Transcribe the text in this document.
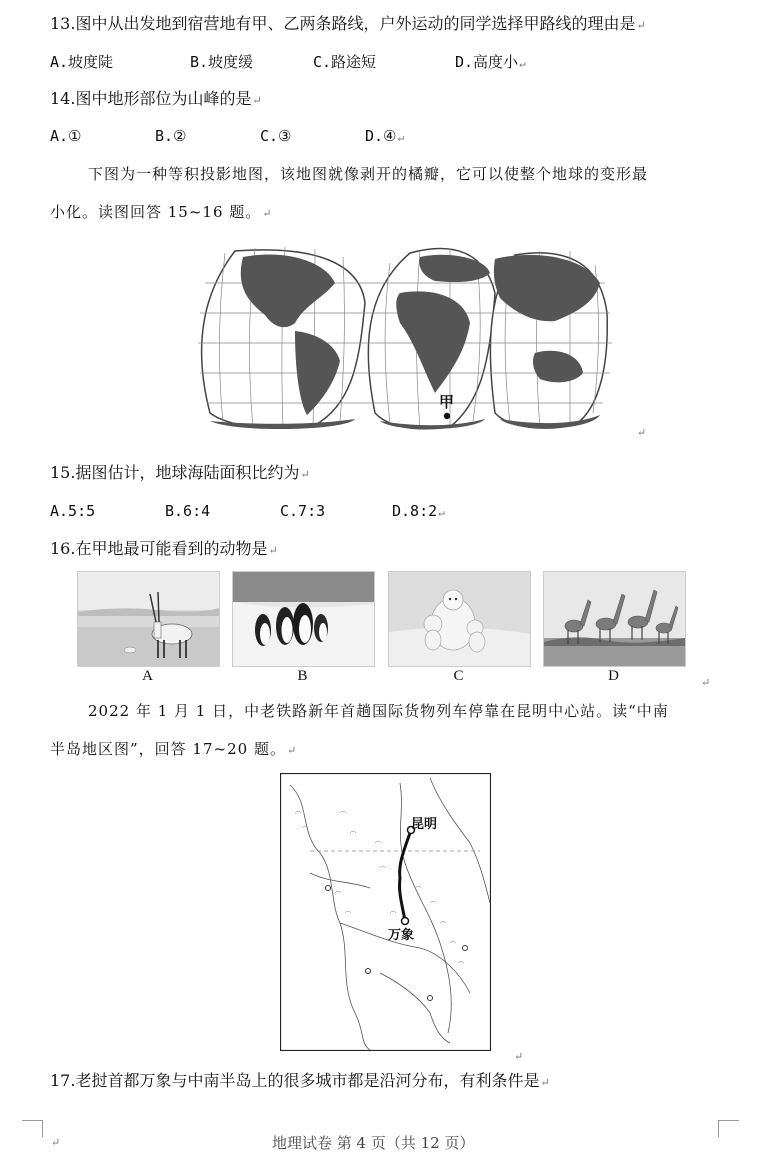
13.图中从出发地到宿营地有甲、乙两条路线，户外运动的同学选择甲路线的理由是↵
A.坡度陡	B.坡度缓	C.路途短	D.高度小↵
14.图中地形部位为山峰的是↵
A.①	B.②	C.③	D.④↵
下图为一种等积投影地图，该地图就像剥开的橘瓣，它可以使整个地球的变形最
小化。读图回答 15~16 题。↵
甲
↵
15.据图估计，地球海陆面积比约为↵
A.5:5	B.6:4	C.7:3	D.8:2↵
16.在甲地最可能看到的动物是↵
A	B	C	D	↵
2022 年 1 月 1 日，中老铁路新年首趟国际货物列车停靠在昆明中心站。读“中南
半岛地区图”，回答 17~20 题。↵
昆明
万象
↵
17.老挝首都万象与中南半岛上的很多城市都是沿河分布，有利条件是↵
↵	地理试卷 第 4 页（共 12 页）
